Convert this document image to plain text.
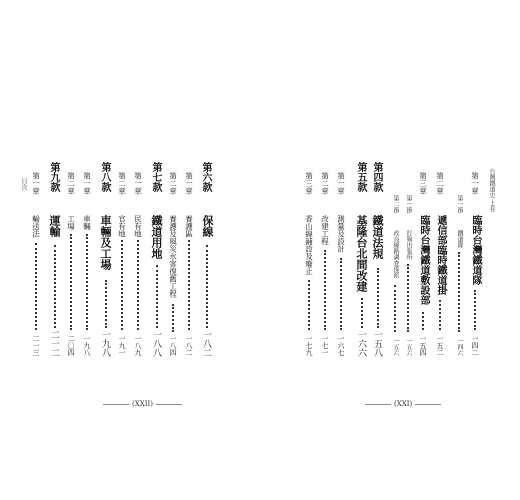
目次	第六款
保線
一八二
第一章
養護區
一八二
第二章
養護及風災水害復舊工程
一八四
第七款
鐵道用地
一八八
第一章
民有地
一八九
第二章
官有地
一九一
第八款
車輛及工場
一九八
第一章
車輛
一九八
第二章
工場
二〇四
第九款
運輸
二一二
第一章
輸送法
二一三
(XXII)
台灣鐵道史 上卷
第一章
臨時台灣鐵道隊
一四二
第一節
鐵道隊
一四六
第二章
遞信部臨時鐵道掛
一五二
第三章
臨時台灣鐵道敷設部
一五四
第一節
打狗出張所
一五六
第二節
改良線路調查係派
一五六
第四款
鐵道法規
一五八
第五款
基隆台北間改建
一六六
第一章
測量及設計
一六七
第二章
改建工程
一七一
第三章
香山線鋪設及廢止
一七九
(XXI)
